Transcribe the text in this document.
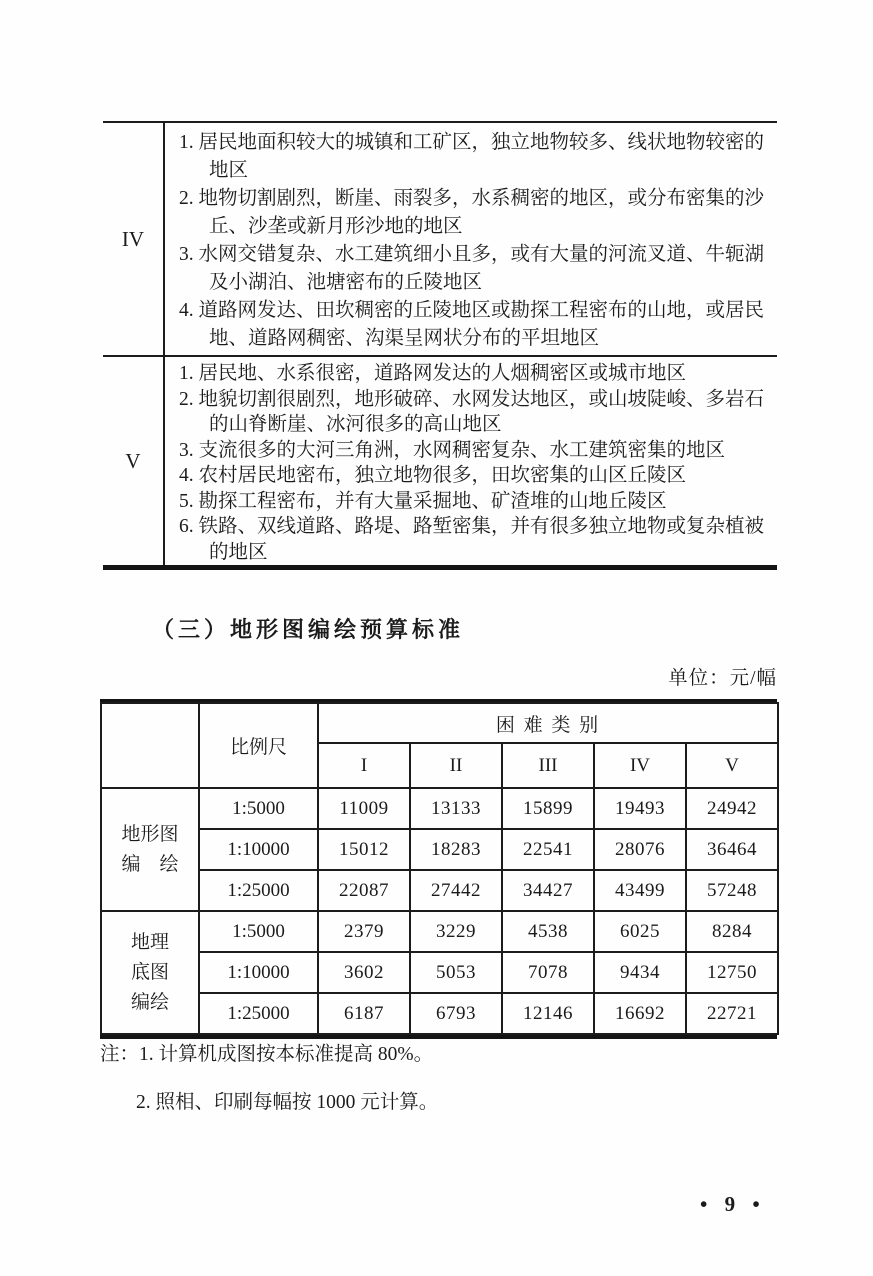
IV
1. 居民地面积较大的城镇和工矿区，独立地物较多、线状地物较密的地区
2. 地物切割剧烈，断崖、雨裂多，水系稠密的地区，或分布密集的沙丘、沙垄或新月形沙地的地区
3. 水网交错复杂、水工建筑细小且多，或有大量的河流叉道、牛轭湖及小湖泊、池塘密布的丘陵地区
4. 道路网发达、田坎稠密的丘陵地区或勘探工程密布的山地，或居民地、道路网稠密、沟渠呈网状分布的平坦地区
V
1. 居民地、水系很密，道路网发达的人烟稠密区或城市地区
2. 地貌切割很剧烈，地形破碎、水网发达地区，或山坡陡峻、多岩石的山脊断崖、冰河很多的高山地区
3. 支流很多的大河三角洲，水网稠密复杂、水工建筑密集的地区
4. 农村居民地密布，独立地物很多，田坎密集的山区丘陵区
5. 勘探工程密布，并有大量采掘地、矿渣堆的山地丘陵区
6. 铁路、双线道路、路堤、路堑密集，并有很多独立地物或复杂植被的地区
（三）地形图编绘预算标准
单位：元/幅
	比例尺	困 难 类 别				
		I	II	III	IV	V

地形图
编　绘	1:5000	11009	13133	15899	19493	24942
	1:10000	15012	18283	22541	28076	36464
	1:25000	22087	27442	34427	43499	57248

地理
底图
编绘	1:5000	2379	3229	4538	6025	8284
	1:10000	3602	5053	7078	9434	12750
	1:25000	6187	6793	12146	16692	22721
注：1. 计算机成图按本标准提高 80%。
2. 照相、印刷每幅按 1000 元计算。
• 9 •
